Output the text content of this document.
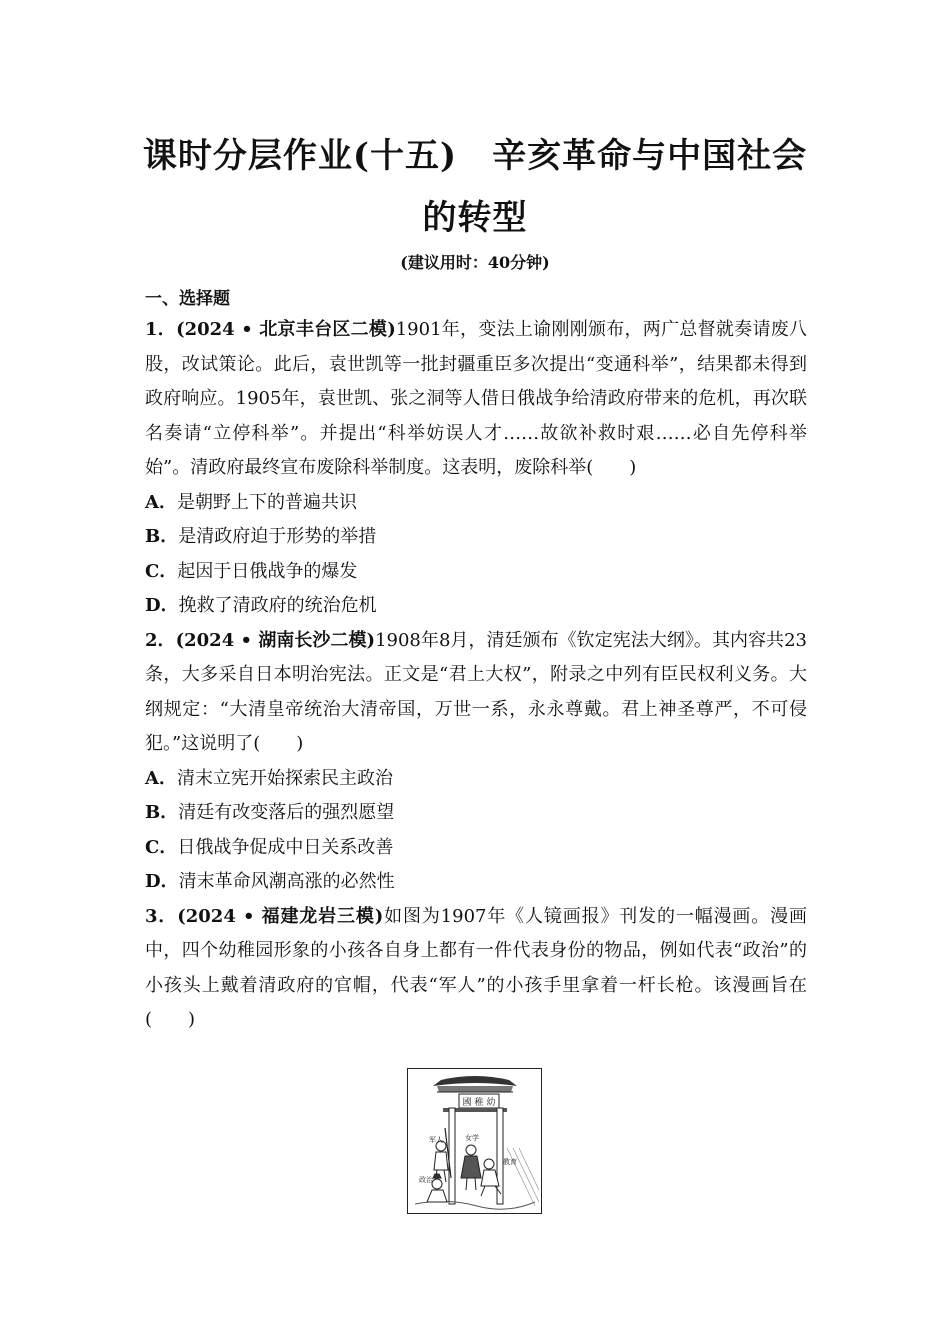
课时分层作业(十五)　辛亥革命与中国社会
的转型
(建议用时：40分钟)
一、选择题

1．(2024 • 北京丰台区二模)1901年，变法上谕刚刚颁布，两广总督就奏请废八股，改试策论。此后，袁世凯等一批封疆重臣多次提出“变通科举”，结果都未得到政府响应。1905年，袁世凯、张之洞等人借日俄战争给清政府带来的危机，再次联名奏请“立停科举”。并提出“科举妨误人才……故欲补救时艰……必自先停科举始”。清政府最终宣布废除科举制度。这表明，废除科举(　　)

A．是朝野上下的普遍共识

B．是清政府迫于形势的举措

C．起因于日俄战争的爆发

D．挽救了清政府的统治危机

2．(2024 • 湖南长沙二模)1908年8月，清廷颁布《钦定宪法大纲》。其内容共23条，大多采自日本明治宪法。正文是“君上大权”，附录之中列有臣民权利义务。大纲规定：“大清皇帝统治大清帝国，万世一系，永永尊戴。君上神圣尊严，不可侵犯。”这说明了(　　)

A．清末立宪开始探索民主政治

B．清廷有改变落后的强烈愿望

C．日俄战争促成中日关系改善

D．清末革命风潮高涨的必然性

3．(2024 • 福建龙岩三模)如图为1907年《人镜画报》刊发的一幅漫画。漫画中，四个幼稚园形象的小孩各自身上都有一件代表身份的物品，例如代表“政治”的小孩头上戴着清政府的官帽，代表“军人”的小孩手里拿着一杆长枪。该漫画旨在(　　)

國 稚 幼
军人	女学
教育
政治
